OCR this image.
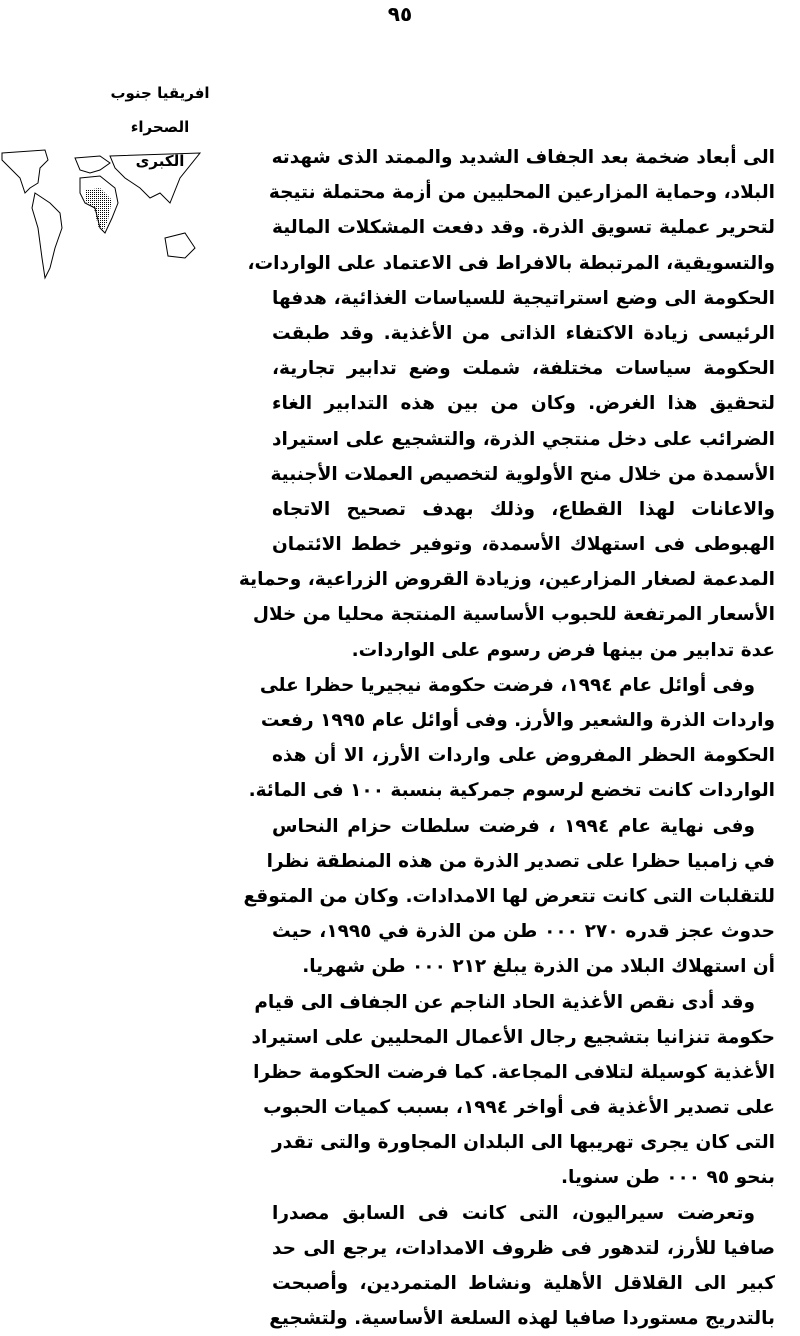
٩٥
افريقيا جنوب الصحراء
الكبرى	الى أبعاد ضخمة بعد الجفاف الشديد والممتد الذى شهدته
البلاد، وحماية المزارعين المحليين من أزمة محتملة نتيجة
لتحرير عملية تسويق الذرة. وقد دفعت المشكلات المالية
والتسويقية، المرتبطة بالافراط فى الاعتماد على الواردات،
الحكومة الى وضع استراتيجية للسياسات الغذائية، هدفها
الرئيسى زيادة الاكتفاء الذاتى من الأغذية. وقد طبقت
الحكومة سياسات مختلفة، شملت وضع تدابير تجارية،
لتحقيق هذا الغرض. وكان من بين هذه التدابير الغاء
الضرائب على دخل منتجي الذرة، والتشجيع على استيراد
الأسمدة من خلال منح الأولوية لتخصيص العملات الأجنبية
والاعانات لهذا القطاع، وذلك بهدف تصحيح الاتجاه
الهبوطى فى استهلاك الأسمدة، وتوفير خطط الائتمان
المدعمة لصغار المزارعين، وزيادة القروض الزراعية، وحماية
الأسعار المرتفعة للحبوب الأساسية المنتجة محليا من خلال
عدة تدابير من بينها فرض رسوم على الواردات.
وفى أوائل عام ١٩٩٤، فرضت حكومة نيجيريا حظرا على
واردات الذرة والشعير والأرز. وفى أوائل عام ١٩٩٥ رفعت
الحكومة الحظر المفروض على واردات الأرز، الا أن هذه
الواردات كانت تخضع لرسوم جمركية بنسبة ١٠٠ فى المائة.
وفى نهاية عام ١٩٩٤ ، فرضت سلطات حزام النحاس
في زامبيا حظرا على تصدير الذرة من هذه المنطقة نظرا
للتقلبات التى كانت تتعرض لها الامدادات. وكان من المتوقع
حدوث عجز قدره ٢٧٠ ٠٠٠ طن من الذرة في ١٩٩٥، حيث
أن استهلاك البلاد من الذرة يبلغ ٢١٢ ٠٠٠ طن شهريا.
وقد أدى نقص الأغذية الحاد الناجم عن الجفاف الى قيام
حكومة تنزانيا بتشجيع رجال الأعمال المحليين على استيراد
الأغذية كوسيلة لتلافى المجاعة. كما فرضت الحكومة حظرا
على تصدير الأغذية فى أواخر ١٩٩٤، بسبب كميات الحبوب
التى كان يجرى تهريبها الى البلدان المجاورة والتى تقدر
بنحو ٩٥ ٠٠٠ طن سنويا.
وتعرضت سيراليون، التى كانت فى السابق مصدرا
صافيا للأرز، لتدهور فى ظروف الامدادات، يرجع الى حد
كبير الى القلاقل الأهلية ونشاط المتمردين، وأصبحت
بالتدريج مستوردا صافيا لهذه السلعة الأساسية. ولتشجيع
